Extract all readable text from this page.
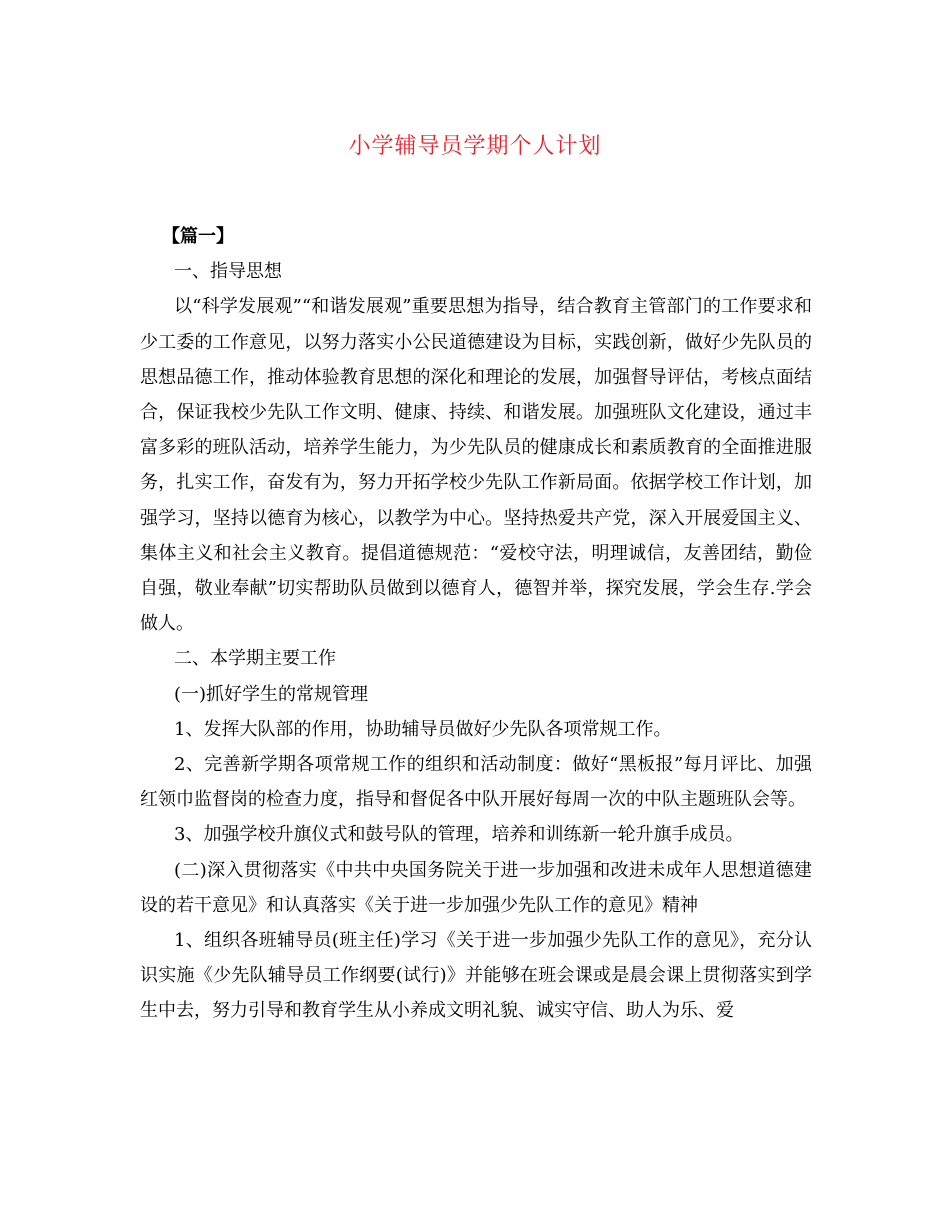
小学辅导员学期个人计划

【篇一】

一、指导思想

以“科学发展观”“和谐发展观”重要思想为指导，结合教育主管部门的工作要求和少工委的工作意见，以努力落实小公民道德建设为目标，实践创新，做好少先队员的思想品德工作，推动体验教育思想的深化和理论的发展，加强督导评估，考核点面结合，保证我校少先队工作文明、健康、持续、和谐发展。加强班队文化建设，通过丰富多彩的班队活动，培养学生能力，为少先队员的健康成长和素质教育的全面推进服务，扎实工作，奋发有为，努力开拓学校少先队工作新局面。依据学校工作计划，加强学习，坚持以德育为核心，以教学为中心。坚持热爱共产党，深入开展爱国主义、集体主义和社会主义教育。提倡道德规范：“爱校守法，明理诚信，友善团结，勤俭自强，敬业奉献”切实帮助队员做到以德育人，德智并举，探究发展，学会生存.学会做人。

二、本学期主要工作

(一)抓好学生的常规管理

1、发挥大队部的作用，协助辅导员做好少先队各项常规工作。

2、完善新学期各项常规工作的组织和活动制度：做好“黑板报”每月评比、加强红领巾监督岗的检查力度，指导和督促各中队开展好每周一次的中队主题班队会等。

3、加强学校升旗仪式和鼓号队的管理，培养和训练新一轮升旗手成员。

(二)深入贯彻落实《中共中央国务院关于进一步加强和改进未成年人思想道德建设的若干意见》和认真落实《关于进一步加强少先队工作的意见》精神

1、组织各班辅导员(班主任)学习《关于进一步加强少先队工作的意见》，充分认识实施《少先队辅导员工作纲要(试行)》并能够在班会课或是晨会课上贯彻落实到学生中去，努力引导和教育学生从小养成文明礼貌、诚实守信、助人为乐、爱
